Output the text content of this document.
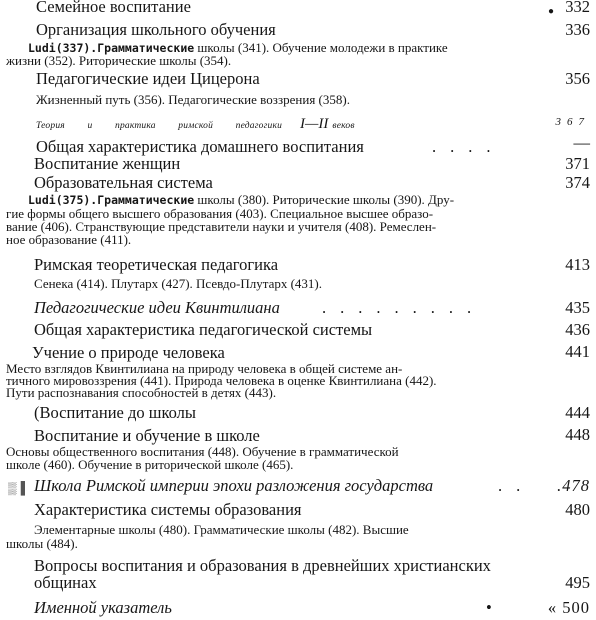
Семейное воспитание	● 332
Организация школьного обучения	336
Ludi(337).Грамматические школы (341). Обучение молодежи в практике
жизни (352). Риторические школы (354).
Педагогические идеи Цицерона	356
Жизненный путь (356). Педагогические воззрения (358).
Теория и практика римской педагогики I—II веков	367
Общая характеристика домашнего воспитания	....	—
Воспитание женщин	371
Образовательная система	374
Ludi(375).Грамматические школы (380). Риторические школы (390). Дру-
гие формы общего высшего образования (403). Специальное высшее образо-
вание (406). Странствующие представители науки и учителя (408). Ремеслен-
ное образование (411).
Римская теоретическая педагогика	413
Сенека (414). Плутарх (427). Псевдо-Плутарх (431).
Педагогические идеи Квинтилиана	.........	435
Общая характеристика педагогической системы	436
Учение о природе человека	441
Место взглядов Квинтилиана на природу человека в общей системе ан-
тичного мировоззрения (441). Природа человека в оценке Квинтилиана (442).
Пути распознавания способностей в детях (443).
(Воспитание до школы	444
Воспитание и обучение в школе	448
Основы общественного воспитания (448). Обучение в грамматической
школе (460). Обучение в риторической школе (465).
▒▐ Школа Римской империи эпохи разложения государства	.. .478
Характеристика системы образования	480
Элементарные школы (480). Грамматические школы (482). Высшие
школы (484).
Вопросы воспитания и образования в древнейших христианских
общинах	495
Именной указатель	•	« 500
